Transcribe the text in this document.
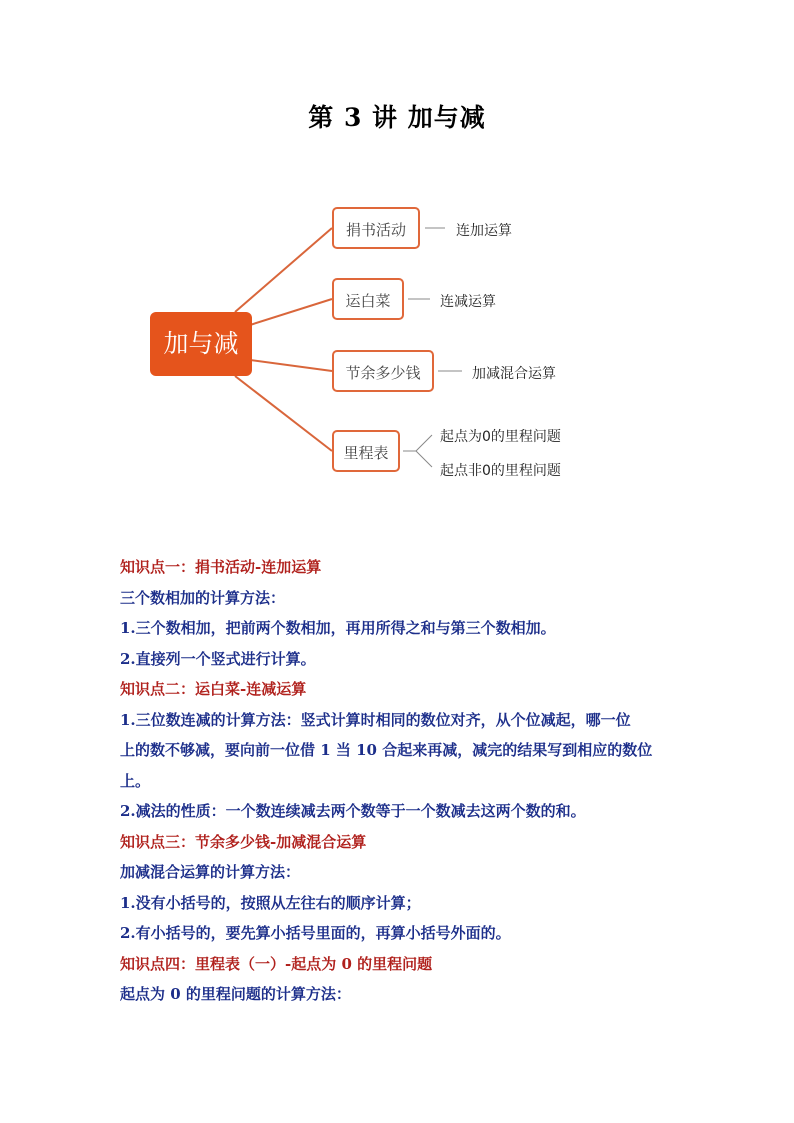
第 3 讲 加与减
加与减
捐书活动
运白菜
节余多少钱
里程表
连加运算
连减运算
加减混合运算
起点为0的里程问题
起点非0的里程问题
知识点一：捐书活动-连加运算
三个数相加的计算方法：
1.三个数相加，把前两个数相加，再用所得之和与第三个数相加。
2.直接列一个竖式进行计算。
知识点二：运白菜-连减运算
1.三位数连减的计算方法：竖式计算时相同的数位对齐，从个位减起，哪一位
上的数不够减，要向前一位借 1 当 10 合起来再减，减完的结果写到相应的数位
上。
2.减法的性质：一个数连续减去两个数等于一个数减去这两个数的和。
知识点三：节余多少钱-加减混合运算
加减混合运算的计算方法：
1.没有小括号的，按照从左往右的顺序计算；
2.有小括号的，要先算小括号里面的，再算小括号外面的。
知识点四：里程表（一）-起点为 0 的里程问题
起点为 0 的里程问题的计算方法：
